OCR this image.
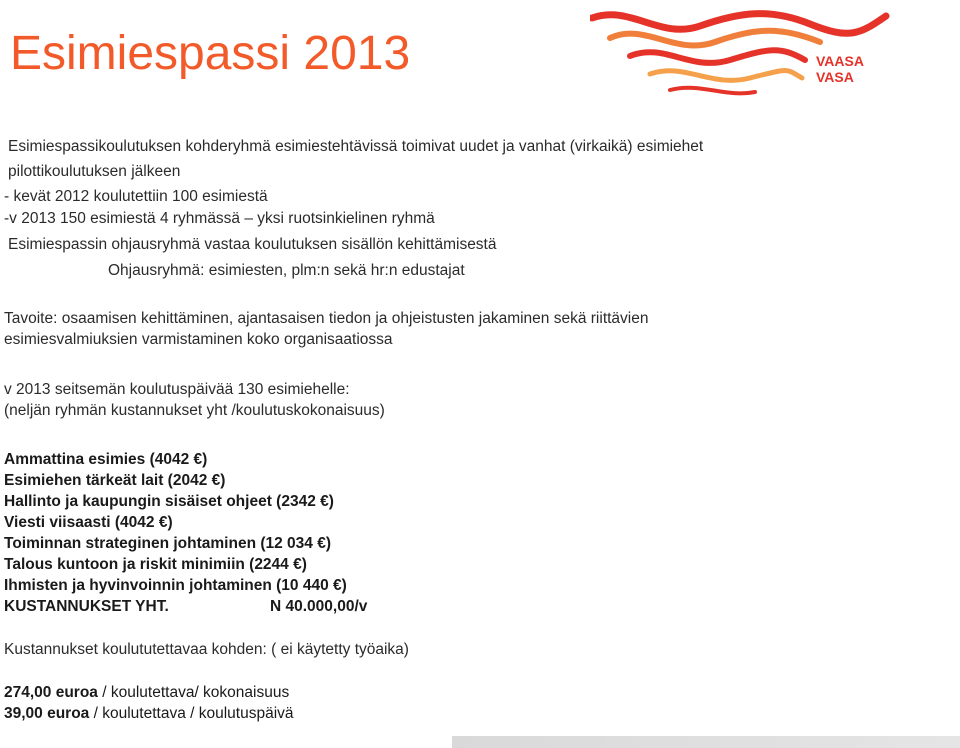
Esimiespassi 2013	VAASA
VASA
Esimiespassikoulutuksen kohderyhmä esimiestehtävissä toimivat uudet ja vanhat (virkaikä) esimiehet
pilottikoulutuksen jälkeen
- kevät 2012 koulutettiin 100 esimiestä
-v 2013 150 esimiestä 4 ryhmässä – yksi ruotsinkielinen ryhmä
Esimiespassin ohjausryhmä vastaa koulutuksen sisällön kehittämisestä
Ohjausryhmä: esimiesten, plm:n sekä hr:n edustajat
Tavoite: osaamisen kehittäminen, ajantasaisen tiedon ja ohjeistusten jakaminen sekä riittävien
esimiesvalmiuksien varmistaminen koko organisaatiossa
v 2013 seitsemän koulutuspäivää 130 esimiehelle:
(neljän ryhmän kustannukset yht /koulutuskokonaisuus)
Ammattina esimies (4042 €)
Esimiehen tärkeät lait (2042 €)
Hallinto ja kaupungin sisäiset ohjeet (2342 €)
Viesti viisaasti (4042 €)
Toiminnan strateginen johtaminen (12 034 €)
Talous kuntoon ja riskit minimiin (2244 €)
Ihmisten ja hyvinvoinnin johtaminen (10 440 €)
KUSTANNUKSET YHT.	N 40.000,00/v
Kustannukset koulututettavaa kohden: ( ei käytetty työaika)
274,00 euroa / koulutettava/ kokonaisuus
39,00 euroa / koulutettava / koulutuspäivä
